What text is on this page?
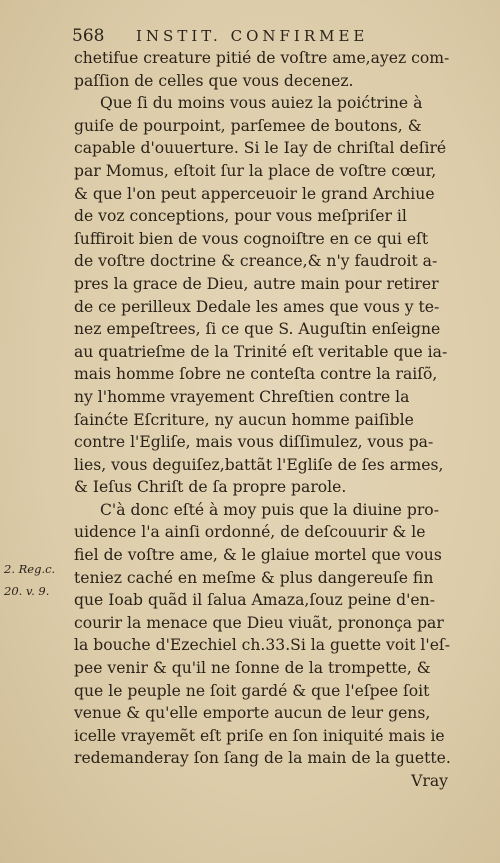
568	INSTIT. CONFIRMEE
2. Reg.c.
20. v. 9.
chetifue creature pitié de voſtre ame,ayez com-
paſſion de celles que vous decenez.
Que ſi du moins vous auiez la poićtrine à
guiſe de pourpoint, parſemee de boutons, &
capable d'ouuerture. Si le Iay de chriſtal deſiré
par Momus, eſtoit ſur la place de voſtre cœur,
& que l'on peut apperceuoir le grand Archiue
de voz conceptions, pour vous meſpriſer il
ſuffiroit bien de vous cognoiſtre en ce qui eſt
de voſtre doctrine & creance,& n'y faudroit a-
pres la grace de Dieu, autre main pour retirer
de ce perilleux Dedale les ames que vous y te-
nez empeſtrees, ſi ce que S. Auguſtin enſeigne
au quatrieſme de la Trinité eſt veritable que ia-
mais homme ſobre ne conteſta contre la raiſõ,
ny l'homme vrayement Chreſtien contre la
ſainćte Eſcriture, ny aucun homme paiſible
contre l'Egliſe, mais vous diſſimulez, vous pa-
lies, vous deguiſez,battãt l'Egliſe de ſes armes,
& Ieſus Chriſt de ſa propre parole.
C'à donc eſté à moy puis que la diuine pro-
uidence l'a ainſi ordonné, de deſcouurir & le
fiel de voſtre ame, & le glaiue mortel que vous
teniez caché en meſme & plus dangereuſe fin
que Ioab quãd il ſalua Amaza,ſouz peine d'en-
courir la menace que Dieu viuãt, prononça par
la bouche d'Ezechiel ch.33.Si la guette voit l'eſ-
pee venir & qu'il ne ſonne de la trompette, &
que le peuple ne ſoit gardé & que l'eſpee ſoit
venue & qu'elle emporte aucun de leur gens,
icelle vrayemẽt eſt priſe en ſon iniquité mais ie
redemanderay ſon ſang de la main de la guette.
Vray
